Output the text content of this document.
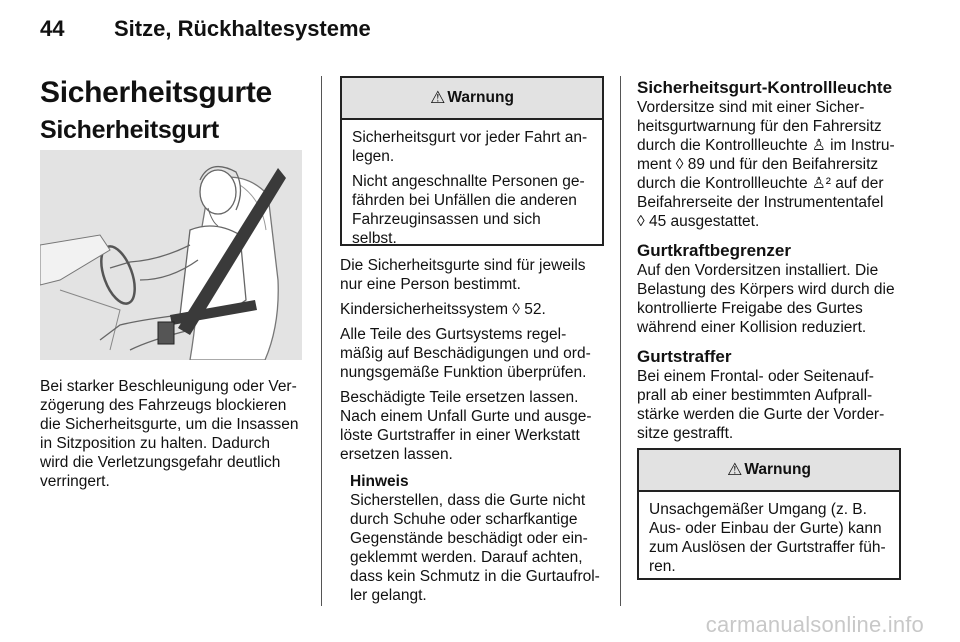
44 Sitze, Rückhaltesysteme
Sicherheitsgurte
Sicherheitsgurt
Bei starker Beschleunigung oder Ver-
zögerung des Fahrzeugs blockieren
die Sicherheitsgurte, um die Insassen
in Sitzposition zu halten. Dadurch
wird die Verletzungsgefahr deutlich
verringert.
⚠ Warnung

Sicherheitsgurt vor jeder Fahrt an-
legen.

Nicht angeschnallte Personen ge-
fährden bei Unfällen die anderen
Fahrzeuginsassen und sich
selbst.

Die Sicherheitsgurte sind für jeweils
nur eine Person bestimmt.

Kindersicherheitssystem ◊ 52.

Alle Teile des Gurtsystems regel-
mäßig auf Beschädigungen und ord-
nungsgemäße Funktion überprüfen.

Beschädigte Teile ersetzen lassen.
Nach einem Unfall Gurte und ausge-
löste Gurtstraffer in einer Werkstatt
ersetzen lassen.

Hinweis
Sicherstellen, dass die Gurte nicht
durch Schuhe oder scharfkantige
Gegenstände beschädigt oder ein-
geklemmt werden. Darauf achten,
dass kein Schmutz in die Gurtaufrol-
ler gelangt.
Sicherheitsgurt-Kontrollleuchte
Vordersitze sind mit einer Sicher-
heitsgurtwarnung für den Fahrersitz
durch die Kontrollleuchte ♙ im Instru-
ment ◊ 89 und für den Beifahrersitz
durch die Kontrollleuchte ♙² auf der
Beifahrerseite der Instrumententafel
◊ 45 ausgestattet.
Gurtkraftbegrenzer
Auf den Vordersitzen installiert. Die
Belastung des Körpers wird durch die
kontrollierte Freigabe des Gurtes
während einer Kollision reduziert.
Gurtstraffer
Bei einem Frontal- oder Seitenauf-
prall ab einer bestimmten Aufprall-
stärke werden die Gurte der Vorder-
sitze gestrafft.
⚠ Warnung
Unsachgemäßer Umgang (z. B.
Aus- oder Einbau der Gurte) kann
zum Auslösen der Gurtstraffer füh-
ren.
carmanualsonline.info
